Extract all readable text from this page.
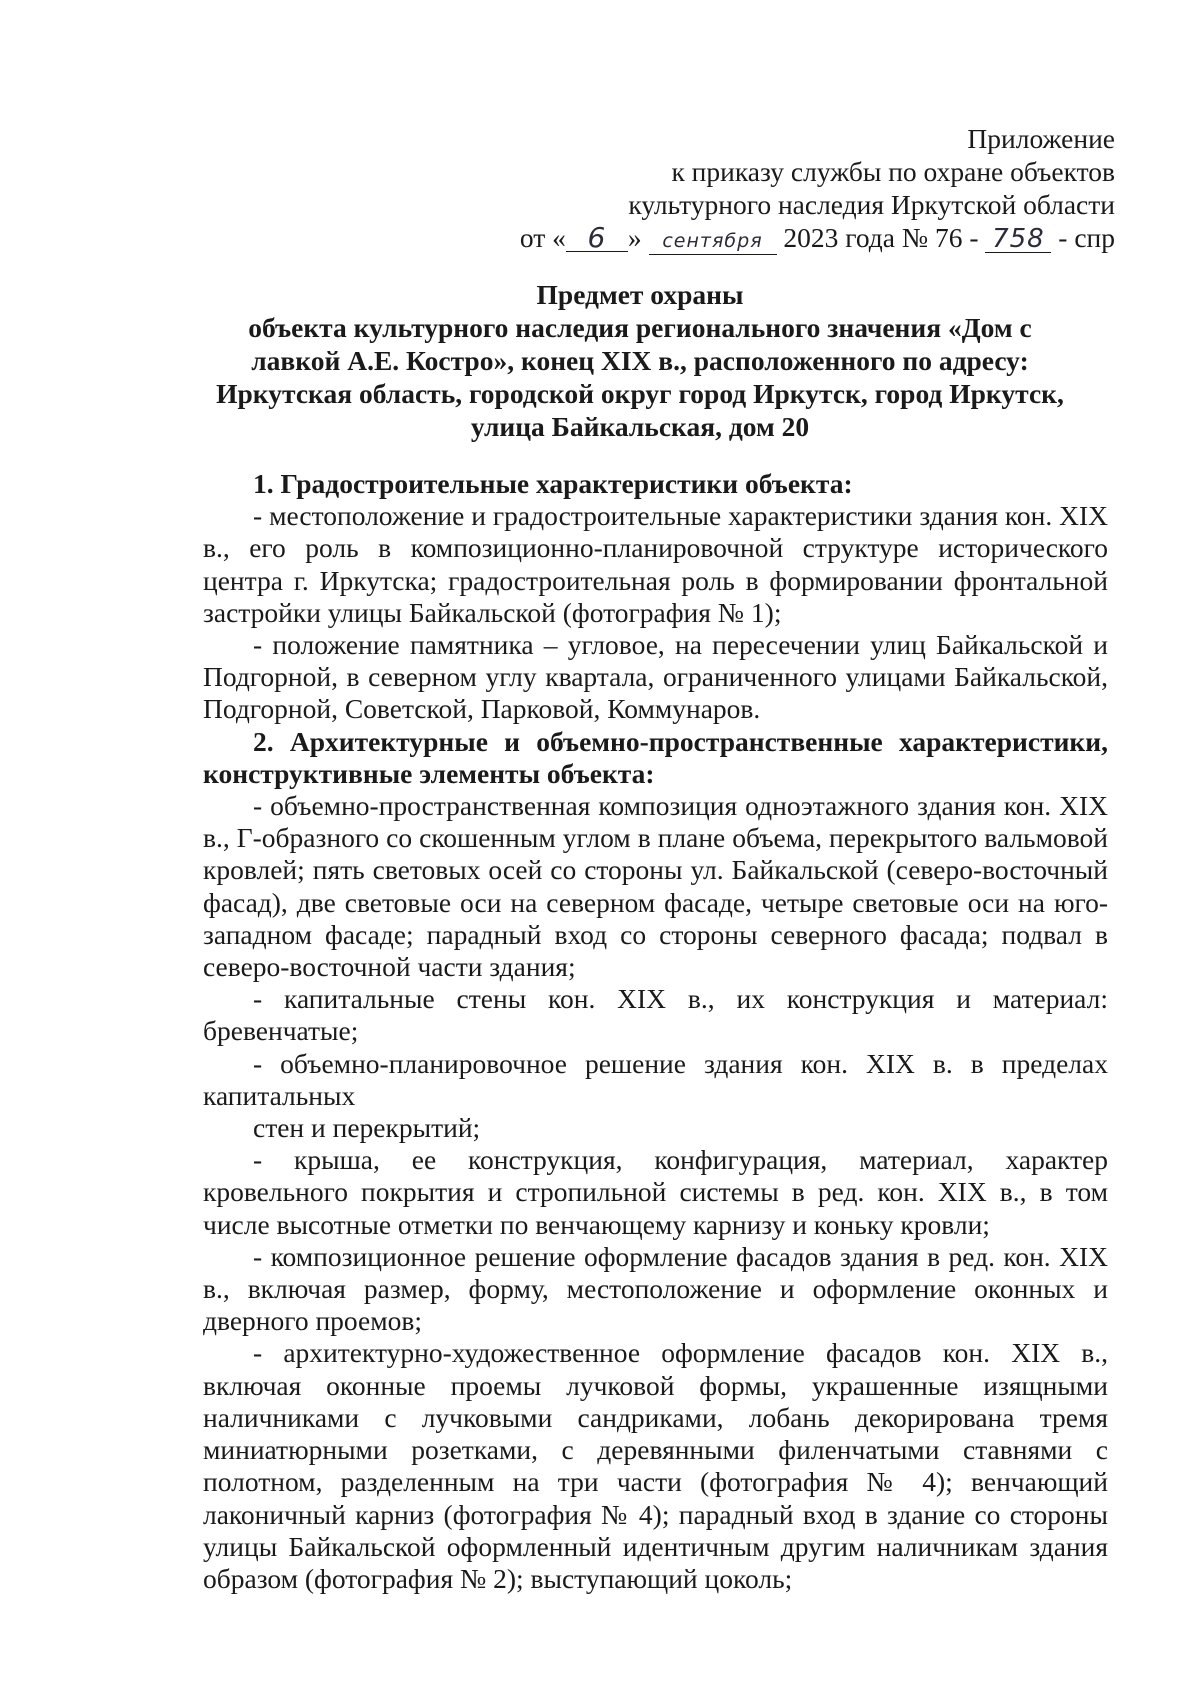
Приложение
к приказу службы по охране объектов
культурного наследия Иркутской области
от « 6 » сентября 2023 года № 76 - 758 - спр
Предмет охраны
объекта культурного наследия регионального значения «Дом с
лавкой А.Е. Костро», конец XIX в., расположенного по адресу:
Иркутская область, городской округ город Иркутск, город Иркутск,
улица Байкальская, дом 20

1. Градостроительные характеристики объекта:

- местоположение и градостроительные характеристики здания кон. XIX в., его роль в композиционно-планировочной структуре исторического центра г. Иркутска; градостроительная роль в формировании фронтальной застройки улицы Байкальской (фотография № 1);

- положение памятника – угловое, на пересечении улиц Байкальской и Подгорной, в северном углу квартала, ограниченного улицами Байкальской, Подгорной, Советской, Парковой, Коммунаров.

2. Архитектурные и объемно-пространственные характеристики, конструктивные элементы объекта:

- объемно-пространственная композиция одноэтажного здания кон. XIX в., Г-образного со скошенным углом в плане объема, перекрытого вальмовой кровлей; пять световых осей со стороны ул. Байкальской (северо-восточный фасад), две световые оси на северном фасаде, четыре световые оси на юго-западном фасаде; парадный вход со стороны северного фасада; подвал в северо-восточной части здания;

- капитальные стены кон. XIX в., их конструкция и материал: бревенчатые;

- объемно-планировочное решение здания кон. XIX в. в пределах капитальных

стен и перекрытий;

- крыша, ее конструкция, конфигурация, материал, характер кровельного покрытия и стропильной системы в ред. кон. XIX в., в том числе высотные отметки по венчающему карнизу и коньку кровли;

- композиционное решение оформление фасадов здания в ред. кон. XIX в., включая размер, форму, местоположение и оформление оконных и дверного проемов;

- архитектурно-художественное оформление фасадов кон. XIX в., включая оконные проемы лучковой формы, украшенные изящными наличниками с лучковыми сандриками, лобань декорирована тремя миниатюрными розетками, с деревянными филенчатыми ставнями с полотном, разделенным на три части (фотография № 4); венчающий лаконичный карниз (фотография № 4); парадный вход в здание со стороны улицы Байкальской оформленный идентичным другим наличникам здания образом (фотография № 2); выступающий цоколь;
